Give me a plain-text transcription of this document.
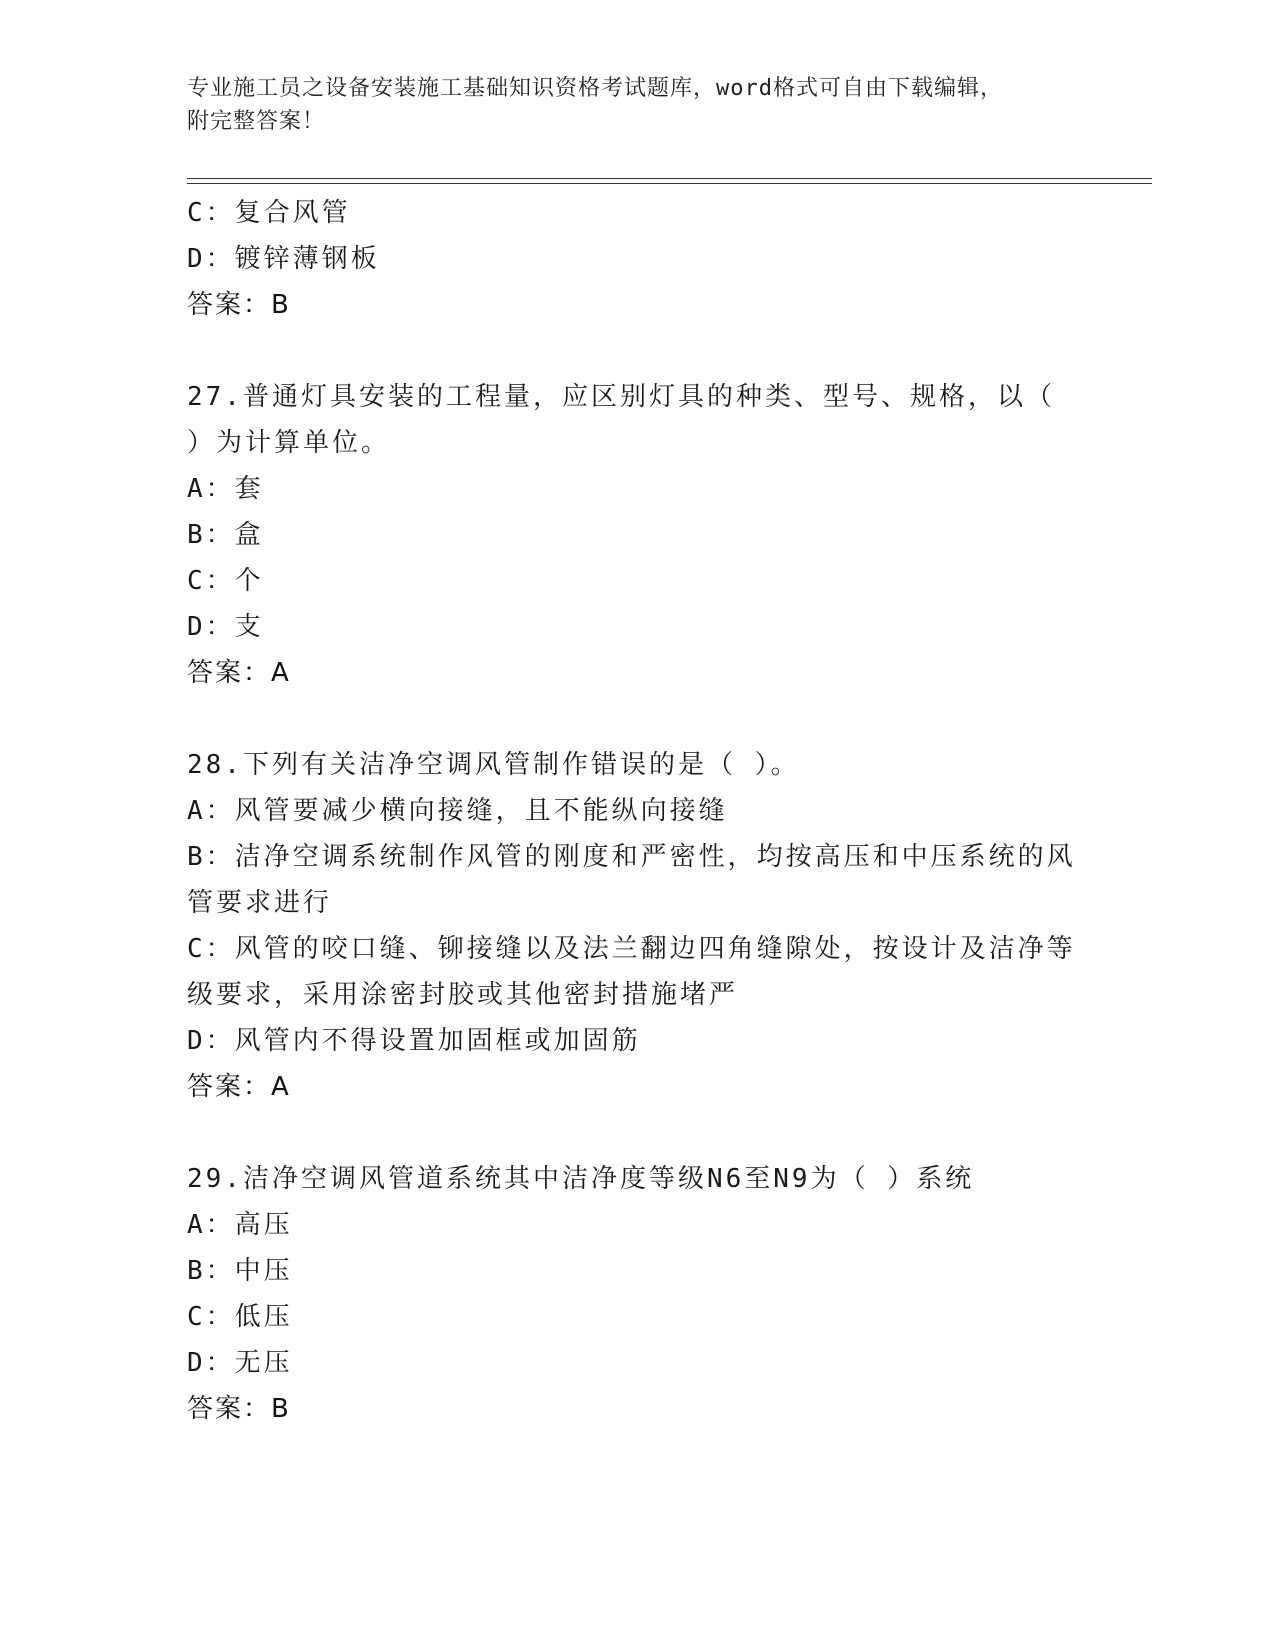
专业施工员之设备安装施工基础知识资格考试题库，word格式可自由下载编辑，
附完整答案！
C：复合风管
D：镀锌薄钢板
答案：B
27.普通灯具安装的工程量，应区别灯具的种类、型号、规格，以（
）为计算单位。
A：套
B：盒
C：个
D：支
答案：A
28.下列有关洁净空调风管制作错误的是（ ）。
A：风管要减少横向接缝，且不能纵向接缝
B：洁净空调系统制作风管的刚度和严密性，均按高压和中压系统的风
管要求进行
C：风管的咬口缝、铆接缝以及法兰翻边四角缝隙处，按设计及洁净等
级要求，采用涂密封胶或其他密封措施堵严
D：风管内不得设置加固框或加固筋
答案：A
29.洁净空调风管道系统其中洁净度等级N6至N9为（ ）系统
A：高压
B：中压
C：低压
D：无压
答案：B
